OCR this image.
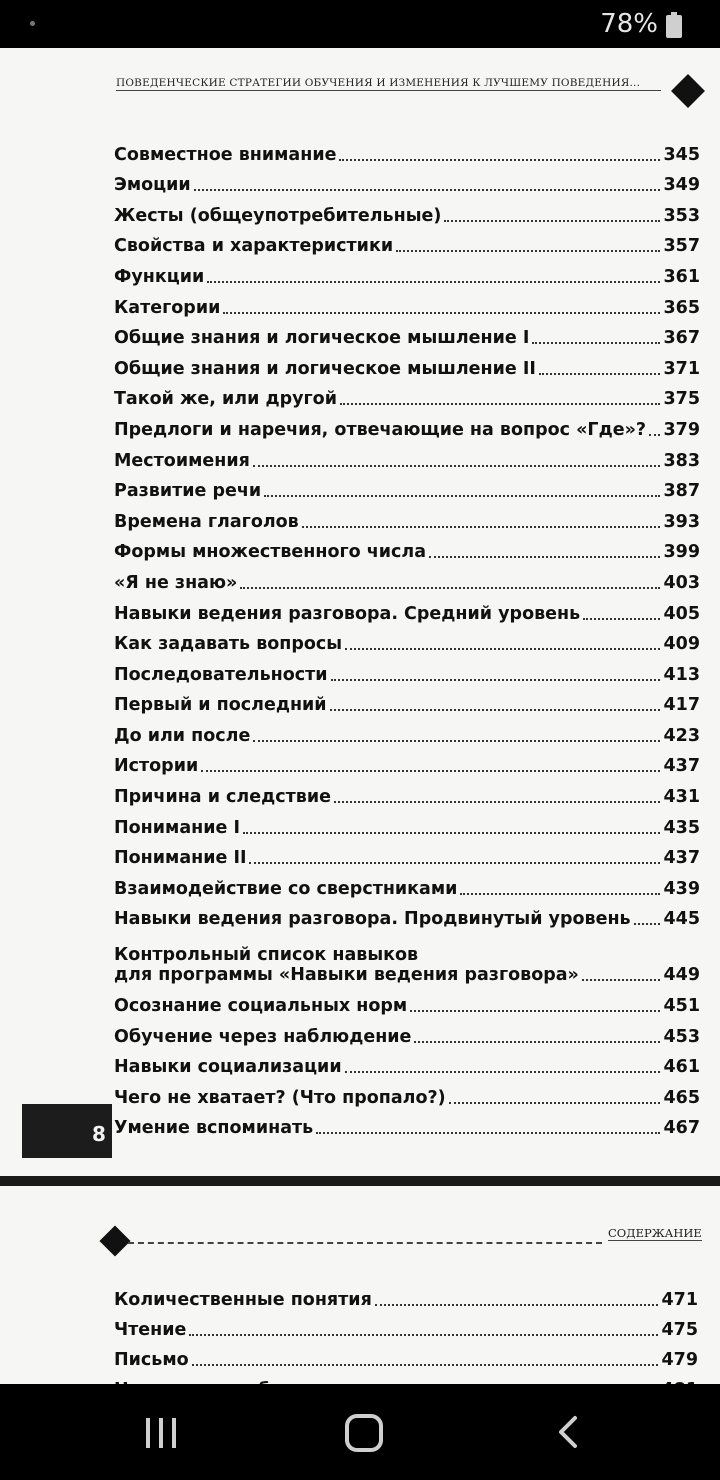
78%
ПОВЕДЕНЧЕСКИЕ СТРАТЕГИИ ОБУЧЕНИЯ И ИЗМЕНЕНИЯ К ЛУЧШЕМУ ПОВЕДЕНИЯ...
Совместное внимание	345
Эмоции	349
Жесты (общеупотребительные)	353
Свойства и характеристики	357
Функции	361
Категории	365
Общие знания и логическое мышление I	367
Общие знания и логическое мышление II	371
Такой же, или другой	375
Предлоги и наречия, отвечающие на вопрос «Где»? 379
Местоимения	383
Развитие речи	387
Времена глаголов	393
Формы множественного числа	399
«Я не знаю»	403
Навыки ведения разговора. Средний уровень	405
Как задавать вопросы	409
Последовательности	413
Первый и последний	417
До или после	423
Истории	437
Причина и следствие	431
Понимание I	435
Понимание II	437
Взаимодействие со сверстниками	439
Навыки ведения разговора. Продвинутый уровень 445
Контрольный список навыков
для программы «Навыки ведения разговора»	449
Осознание социальных норм	451
Обучение через наблюдение	453
Навыки социализации	461
Чего не хватает? (Что пропало?)	465
Умение вспоминать	467
8
СОДЕРЖАНИЕ
Количественные понятия	471
Чтение	475
Письмо	479
